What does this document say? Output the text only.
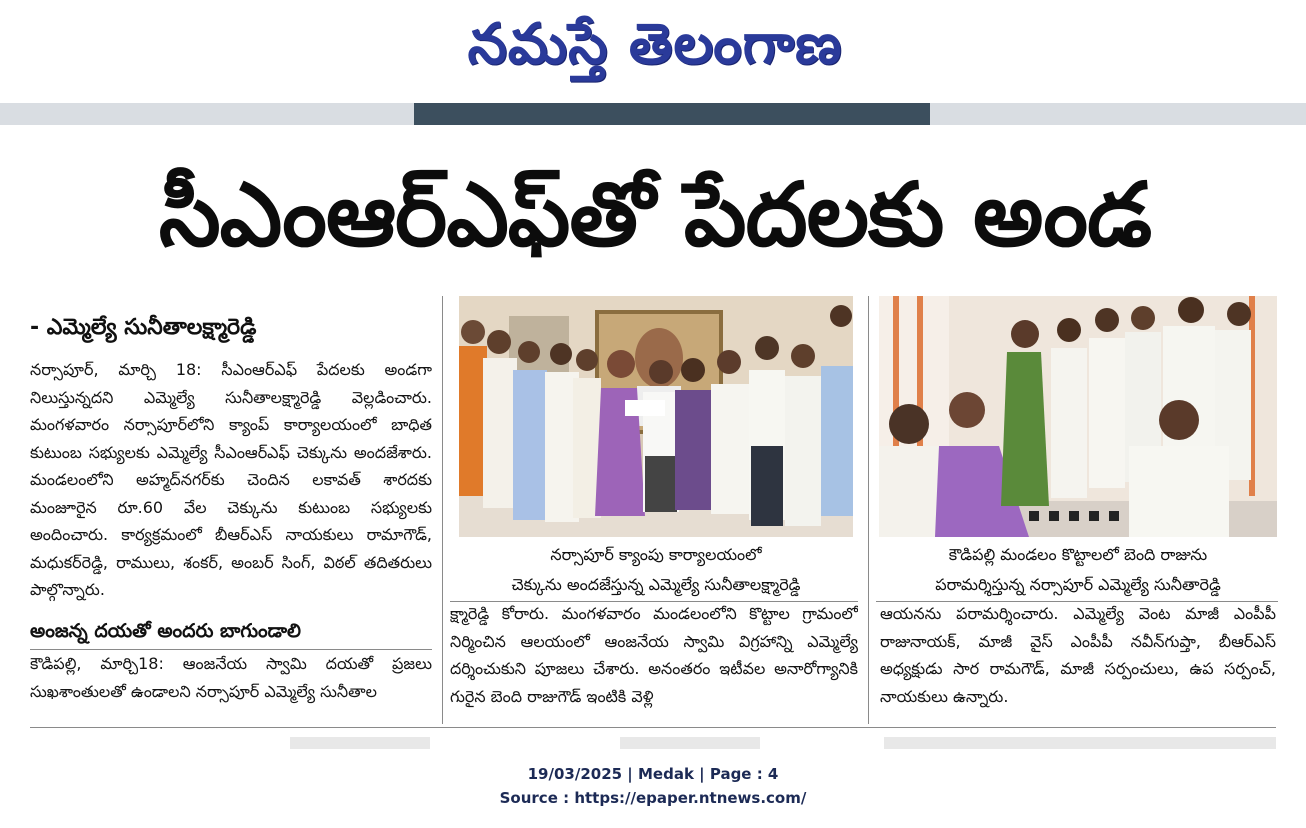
నమస్తే తెలంగాణ
సీఎంఆర్‌ఎఫ్‌తో పేదలకు అండ
- ఎమ్మెల్యే సునీతాలక్ష్మారెడ్డి
నర్సాపూర్, మార్చి 18: సీఎంఆర్ఎఫ్ పేదలకు అండగా నిలుస్తున్నదని ఎమ్మెల్యే సునీతాలక్ష్మారెడ్డి వెల్లడించారు. మంగళవారం నర్సాపూర్‌లోని క్యాంప్ కార్యాలయంలో బాధిత కుటుంబ సభ్యులకు ఎమ్మెల్యే సీఎంఆర్ఎఫ్ చెక్కును అందజేశారు. మండలంలోని అహ్మద్‌నగర్‌కు చెందిన లకావత్ శారదకు మంజూరైన రూ.60 వేల చెక్కును కుటుంబ సభ్యులకు అందించారు. కార్యక్రమంలో బీఆర్ఎస్ నాయకులు రామాగౌడ్, మధుకర్‌రెడ్డి, రాములు, శంకర్, అంబర్ సింగ్, విఠల్ తదితరులు పాల్గొన్నారు.
అంజన్న దయతో అందరు బాగుండాలి
కౌడిపల్లి, మార్చి18: ఆంజనేయ స్వామి దయతో ప్రజలు సుఖశాంతులతో ఉండాలని నర్సాపూర్ ఎమ్మెల్యే సునీతాల
నర్సాపూర్ క్యాంపు కార్యాలయంలో
చెక్కును అందజేస్తున్న ఎమ్మెల్యే సునీతాలక్ష్మారెడ్డి
కౌడిపల్లి మండలం కొట్టాలలో బెంది రాజును
పరామర్శిస్తున్న నర్సాపూర్ ఎమ్మెల్యే సునీతారెడ్డి
క్ష్మారెడ్డి కోరారు. మంగళవారం మండలంలోని కొట్టాల గ్రామంలో నిర్మించిన ఆలయంలో ఆంజనేయ స్వామి విగ్రహాన్ని ఎమ్మెల్యే దర్శించుకుని పూజలు చేశారు. అనంతరం ఇటీవల అనారోగ్యానికి గురైన బెంది రాజుగౌడ్ ఇంటికి వెళ్లి
ఆయనను పరామర్శించారు. ఎమ్మెల్యే వెంట మాజీ ఎంపీపీ రాజునాయక్, మాజీ వైస్ ఎంపీపీ నవీన్‌గుప్తా, బీఆర్ఎస్ అధ్యక్షుడు సార రామగౌడ్, మాజీ సర్పంచులు, ఉప సర్పంచ్, నాయకులు ఉన్నారు.
19/03/2025 | Medak | Page : 4
Source : https://epaper.ntnews.com/
